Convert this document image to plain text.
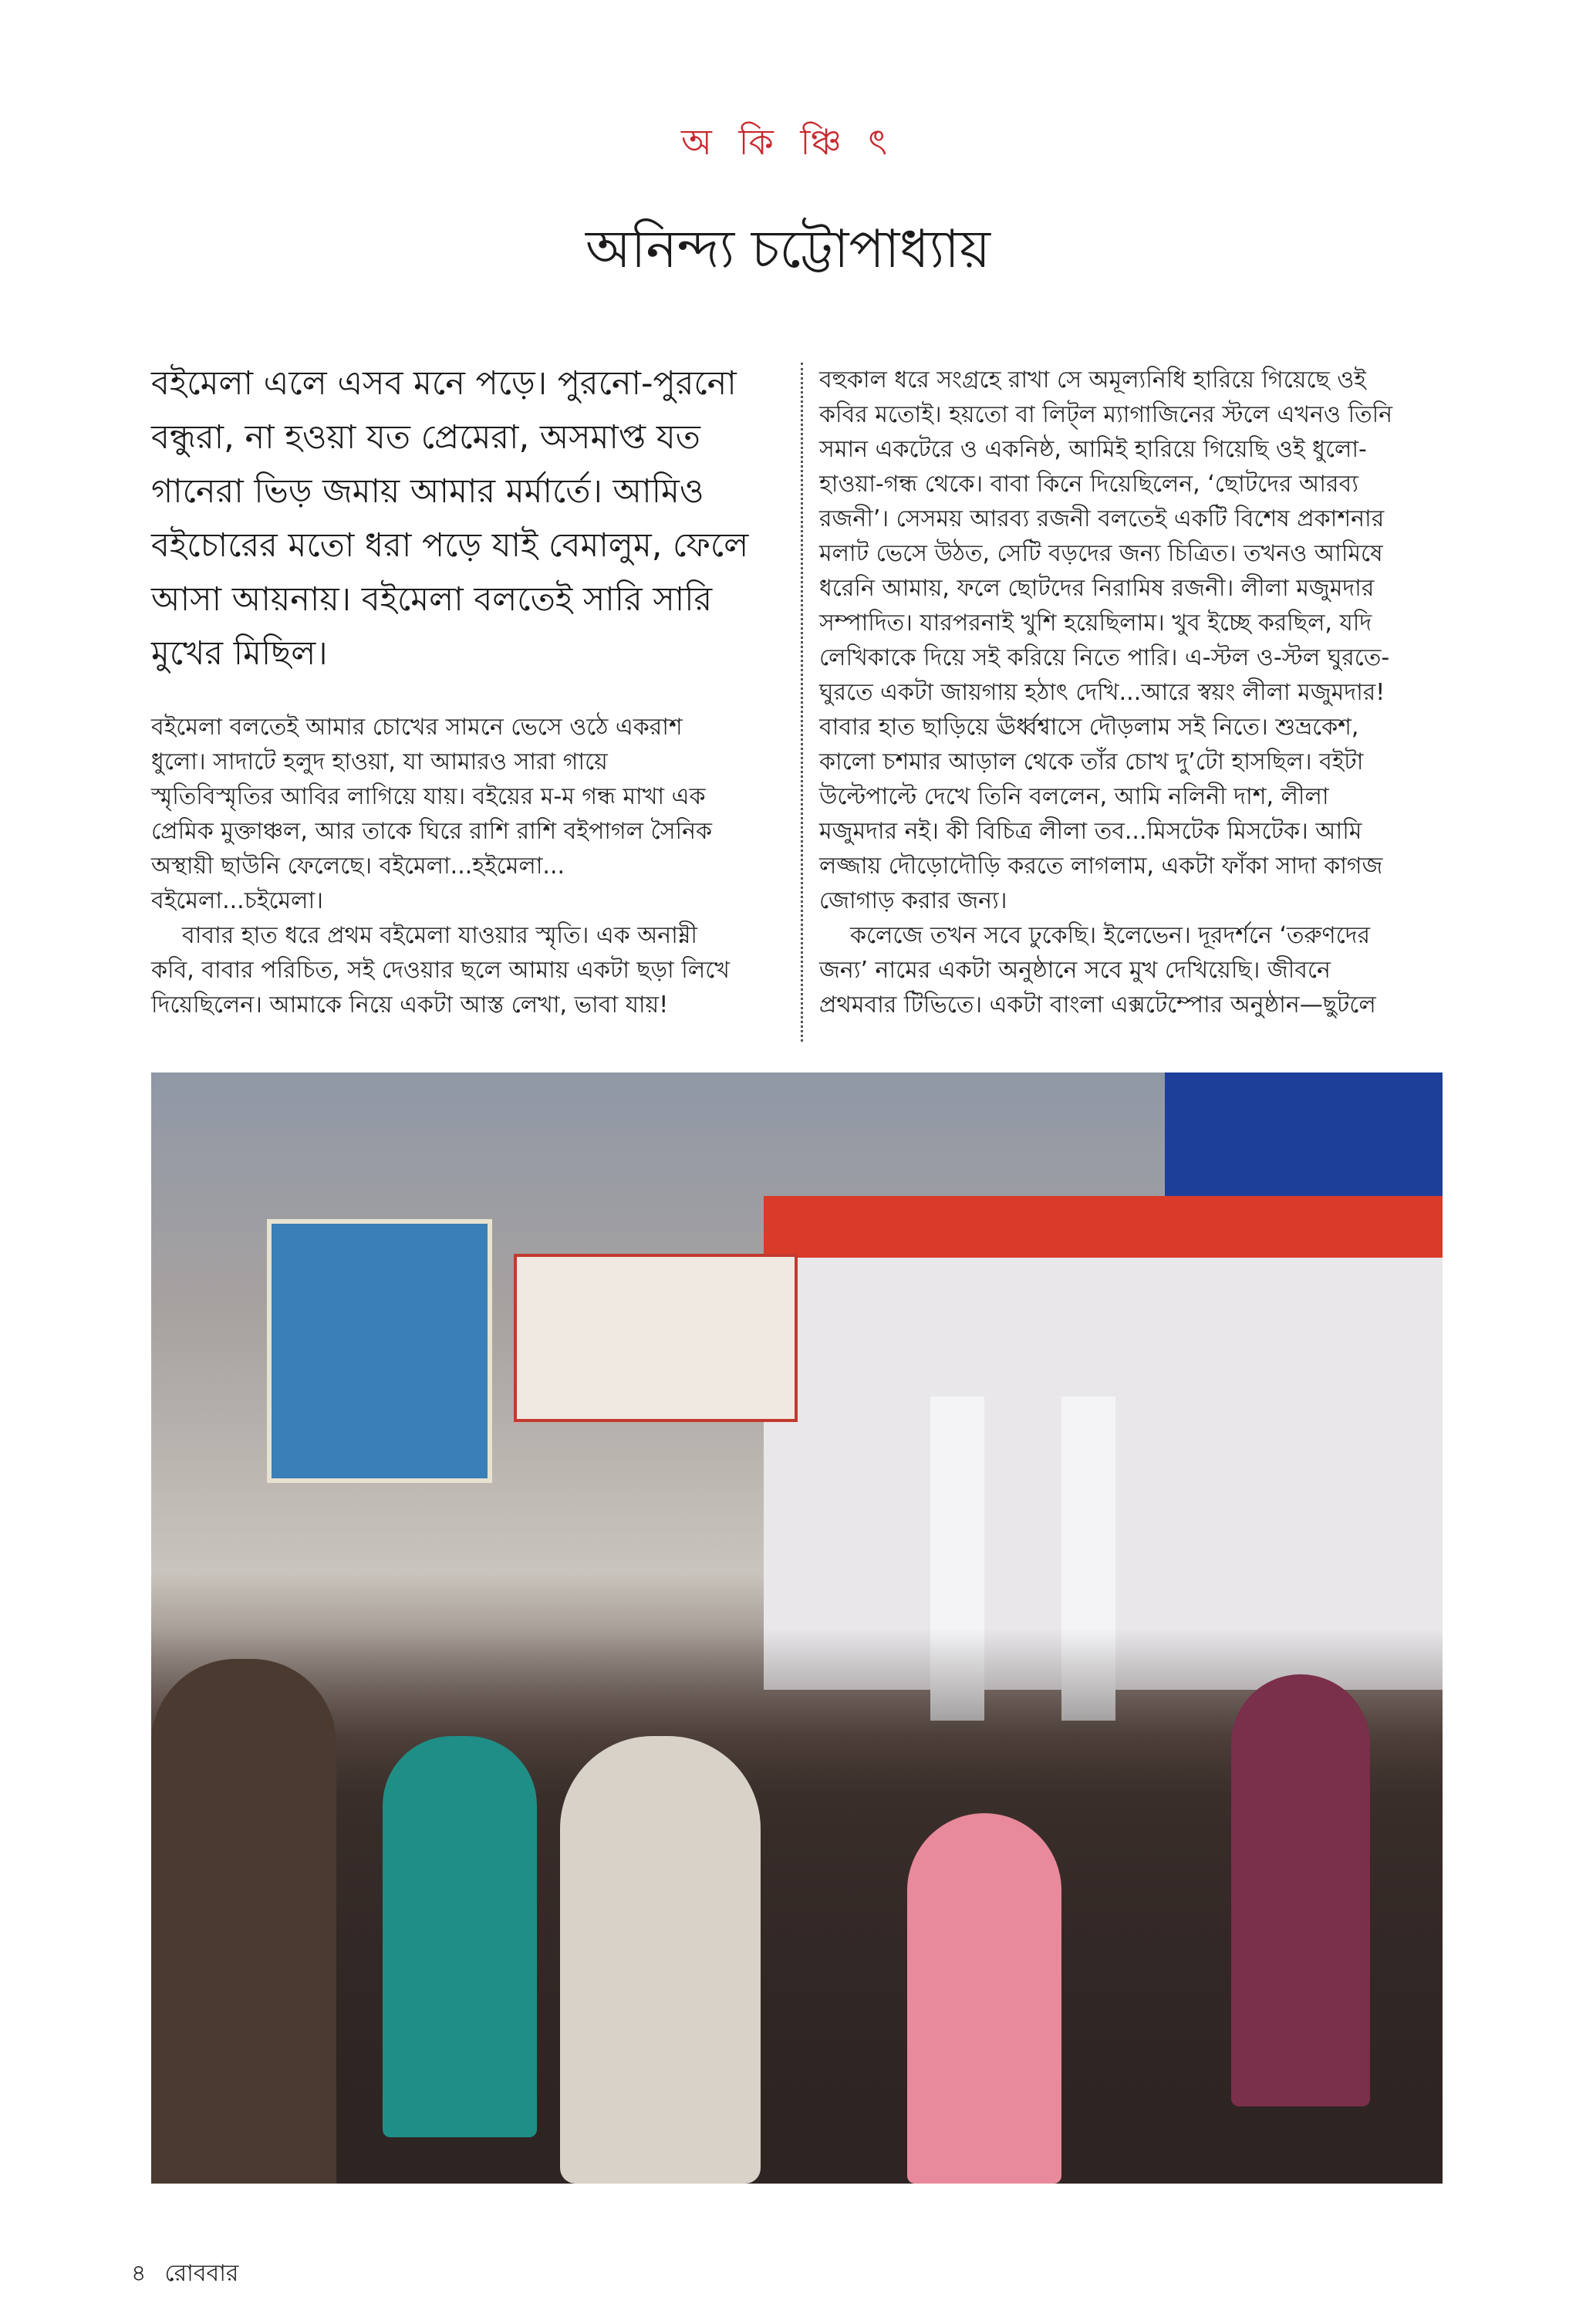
অ কি ঞ্চি ৎ
অনিন্দ্য চট্টোপাধ্যায়

বইমেলা এলে এসব মনে পড়ে। পুরনো-পুরনো
বন্ধুরা, না হওয়া যত প্রেমেরা, অসমাপ্ত যত
গানেরা ভিড় জমায় আমার মর্মার্তে। আমিও
বইচোরের মতো ধরা পড়ে যাই বেমালুম, ফেলে
আসা আয়নায়। বইমেলা বলতেই সারি সারি
মুখের মিছিল।

বইমেলা বলতেই আমার চোখের সামনে ভেসে ওঠে একরাশ
ধুলো। সাদাটে হলুদ হাওয়া, যা আমারও সারা গায়ে
স্মৃতিবিস্মৃতির আবির লাগিয়ে যায়। বইয়ের ম-ম গন্ধ মাখা এক
প্রেমিক মুক্তাঞ্চল, আর তাকে ঘিরে রাশি রাশি বইপাগল সৈনিক
অস্থায়ী ছাউনি ফেলেছে। বইমেলা...হইমেলা...
বইমেলা...চইমেলা।

বাবার হাত ধরে প্রথম বইমেলা যাওয়ার স্মৃতি। এক অনাম্নী
কবি, বাবার পরিচিত, সই দেওয়ার ছলে আমায় একটা ছড়া লিখে
দিয়েছিলেন। আমাকে নিয়ে একটা আস্ত লেখা, ভাবা যায়!

বহুকাল ধরে সংগ্রহে রাখা সে অমূল্যনিধি হারিয়ে গিয়েছে ওই
কবির মতোই। হয়তো বা লিট্‌ল ম্যাগাজিনের স্টলে এখনও তিনি
সমান একটেরে ও একনিষ্ঠ, আমিই হারিয়ে গিয়েছি ওই ধুলো-
হাওয়া-গন্ধ থেকে। বাবা কিনে দিয়েছিলেন, ‘ছোটদের আরব্য
রজনী’। সেসময় আরব্য রজনী বলতেই একটি বিশেষ প্রকাশনার
মলাট ভেসে উঠত, সেটি বড়দের জন্য চিত্রিত। তখনও আমিষে
ধরেনি আমায়, ফলে ছোটদের নিরামিষ রজনী। লীলা মজুমদার
সম্পাদিত। যারপরনাই খুশি হয়েছিলাম। খুব ইচ্ছে করছিল, যদি
লেখিকাকে দিয়ে সই করিয়ে নিতে পারি। এ-স্টল ও-স্টল ঘুরতে-
ঘুরতে একটা জায়গায় হঠাৎ দেখি...আরে স্বয়ং লীলা মজুমদার!
বাবার হাত ছাড়িয়ে ঊর্ধ্বশ্বাসে দৌড়লাম সই নিতে। শুভ্রকেশ,
কালো চশমার আড়াল থেকে তাঁর চোখ দু’টো হাসছিল। বইটা
উল্টেপাল্টে দেখে তিনি বললেন, আমি নলিনী দাশ, লীলা
মজুমদার নই। কী বিচিত্র লীলা তব...মিসটেক মিসটেক। আমি
লজ্জায় দৌড়োদৌড়ি করতে লাগলাম, একটা ফাঁকা সাদা কাগজ
জোগাড় করার জন্য।

কলেজে তখন সবে ঢুকেছি। ইলেভেন। দূরদর্শনে ‘তরুণদের
জন্য’ নামের একটা অনুষ্ঠানে সবে মুখ দেখিয়েছি। জীবনে
প্রথমবার টিভিতে। একটা বাংলা এক্সটেম্পোর অনুষ্ঠান—ছুটলে

৪ রোববার
